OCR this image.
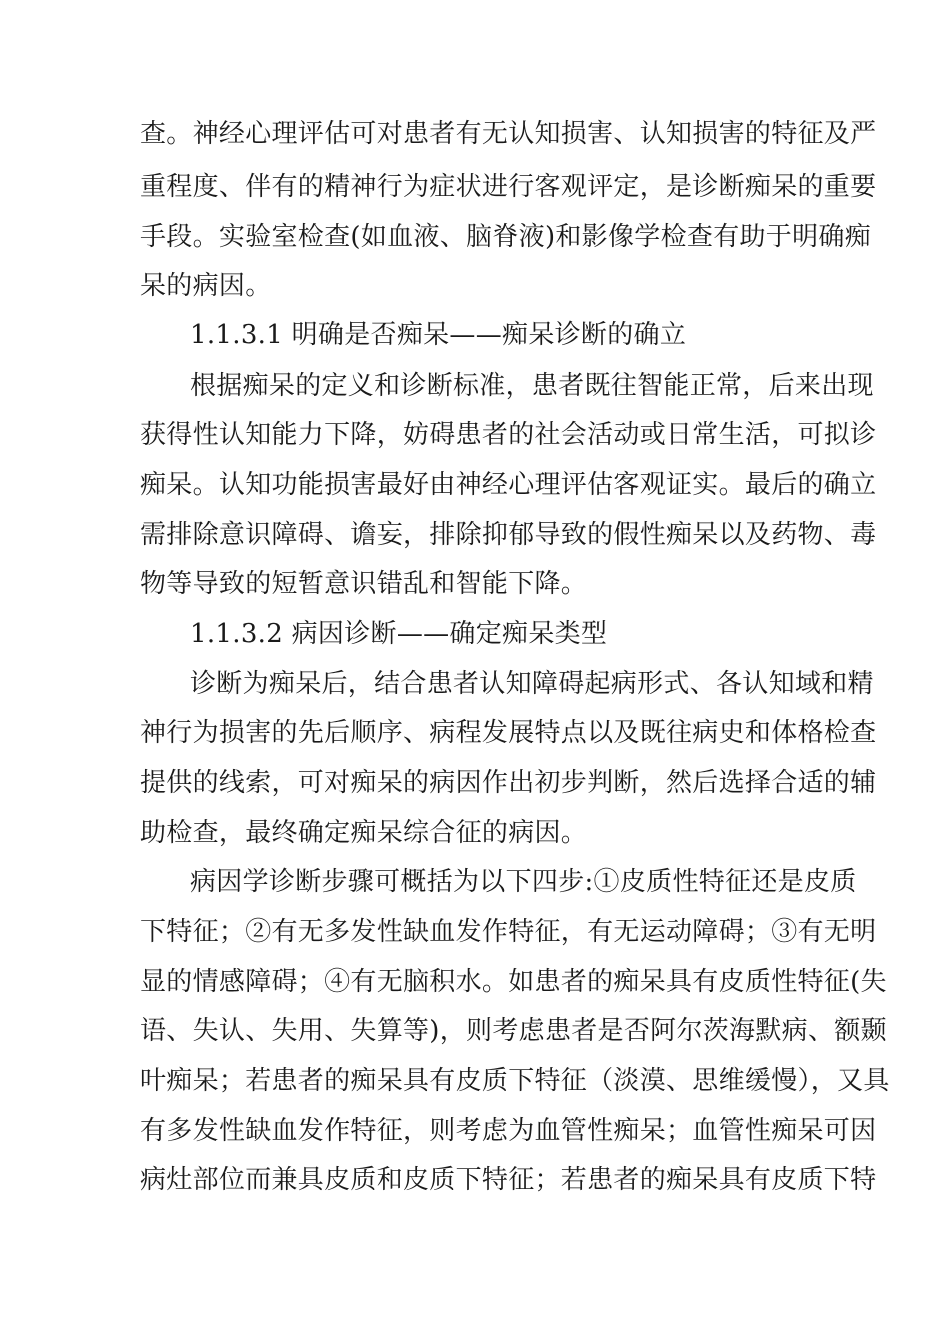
查。神经心理评估可对患者有无认知损害、认知损害的特征及严
重程度、伴有的精神行为症状进行客观评定，是诊断痴呆的重要
手段。实验室检查(如血液、脑脊液)和影像学检查有助于明确痴
呆的病因。
1.1.3.1 明确是否痴呆——痴呆诊断的确立
根据痴呆的定义和诊断标准，患者既往智能正常，后来出现
获得性认知能力下降，妨碍患者的社会活动或日常生活，可拟诊
痴呆。认知功能损害最好由神经心理评估客观证实。最后的确立
需排除意识障碍、谵妄，排除抑郁导致的假性痴呆以及药物、毒
物等导致的短暂意识错乱和智能下降。
1.1.3.2 病因诊断——确定痴呆类型
诊断为痴呆后，结合患者认知障碍起病形式、各认知域和精
神行为损害的先后顺序、病程发展特点以及既往病史和体格检查
提供的线索，可对痴呆的病因作出初步判断，然后选择合适的辅
助检查，最终确定痴呆综合征的病因。
病因学诊断步骤可概括为以下四步:①皮质性特征还是皮质
下特征；②有无多发性缺血发作特征，有无运动障碍；③有无明
显的情感障碍；④有无脑积水。如患者的痴呆具有皮质性特征(失
语、失认、失用、失算等)，则考虑患者是否阿尔茨海默病、额颞
叶痴呆；若患者的痴呆具有皮质下特征（淡漠、思维缓慢），又具
有多发性缺血发作特征，则考虑为血管性痴呆；血管性痴呆可因
病灶部位而兼具皮质和皮质下特征；若患者的痴呆具有皮质下特
